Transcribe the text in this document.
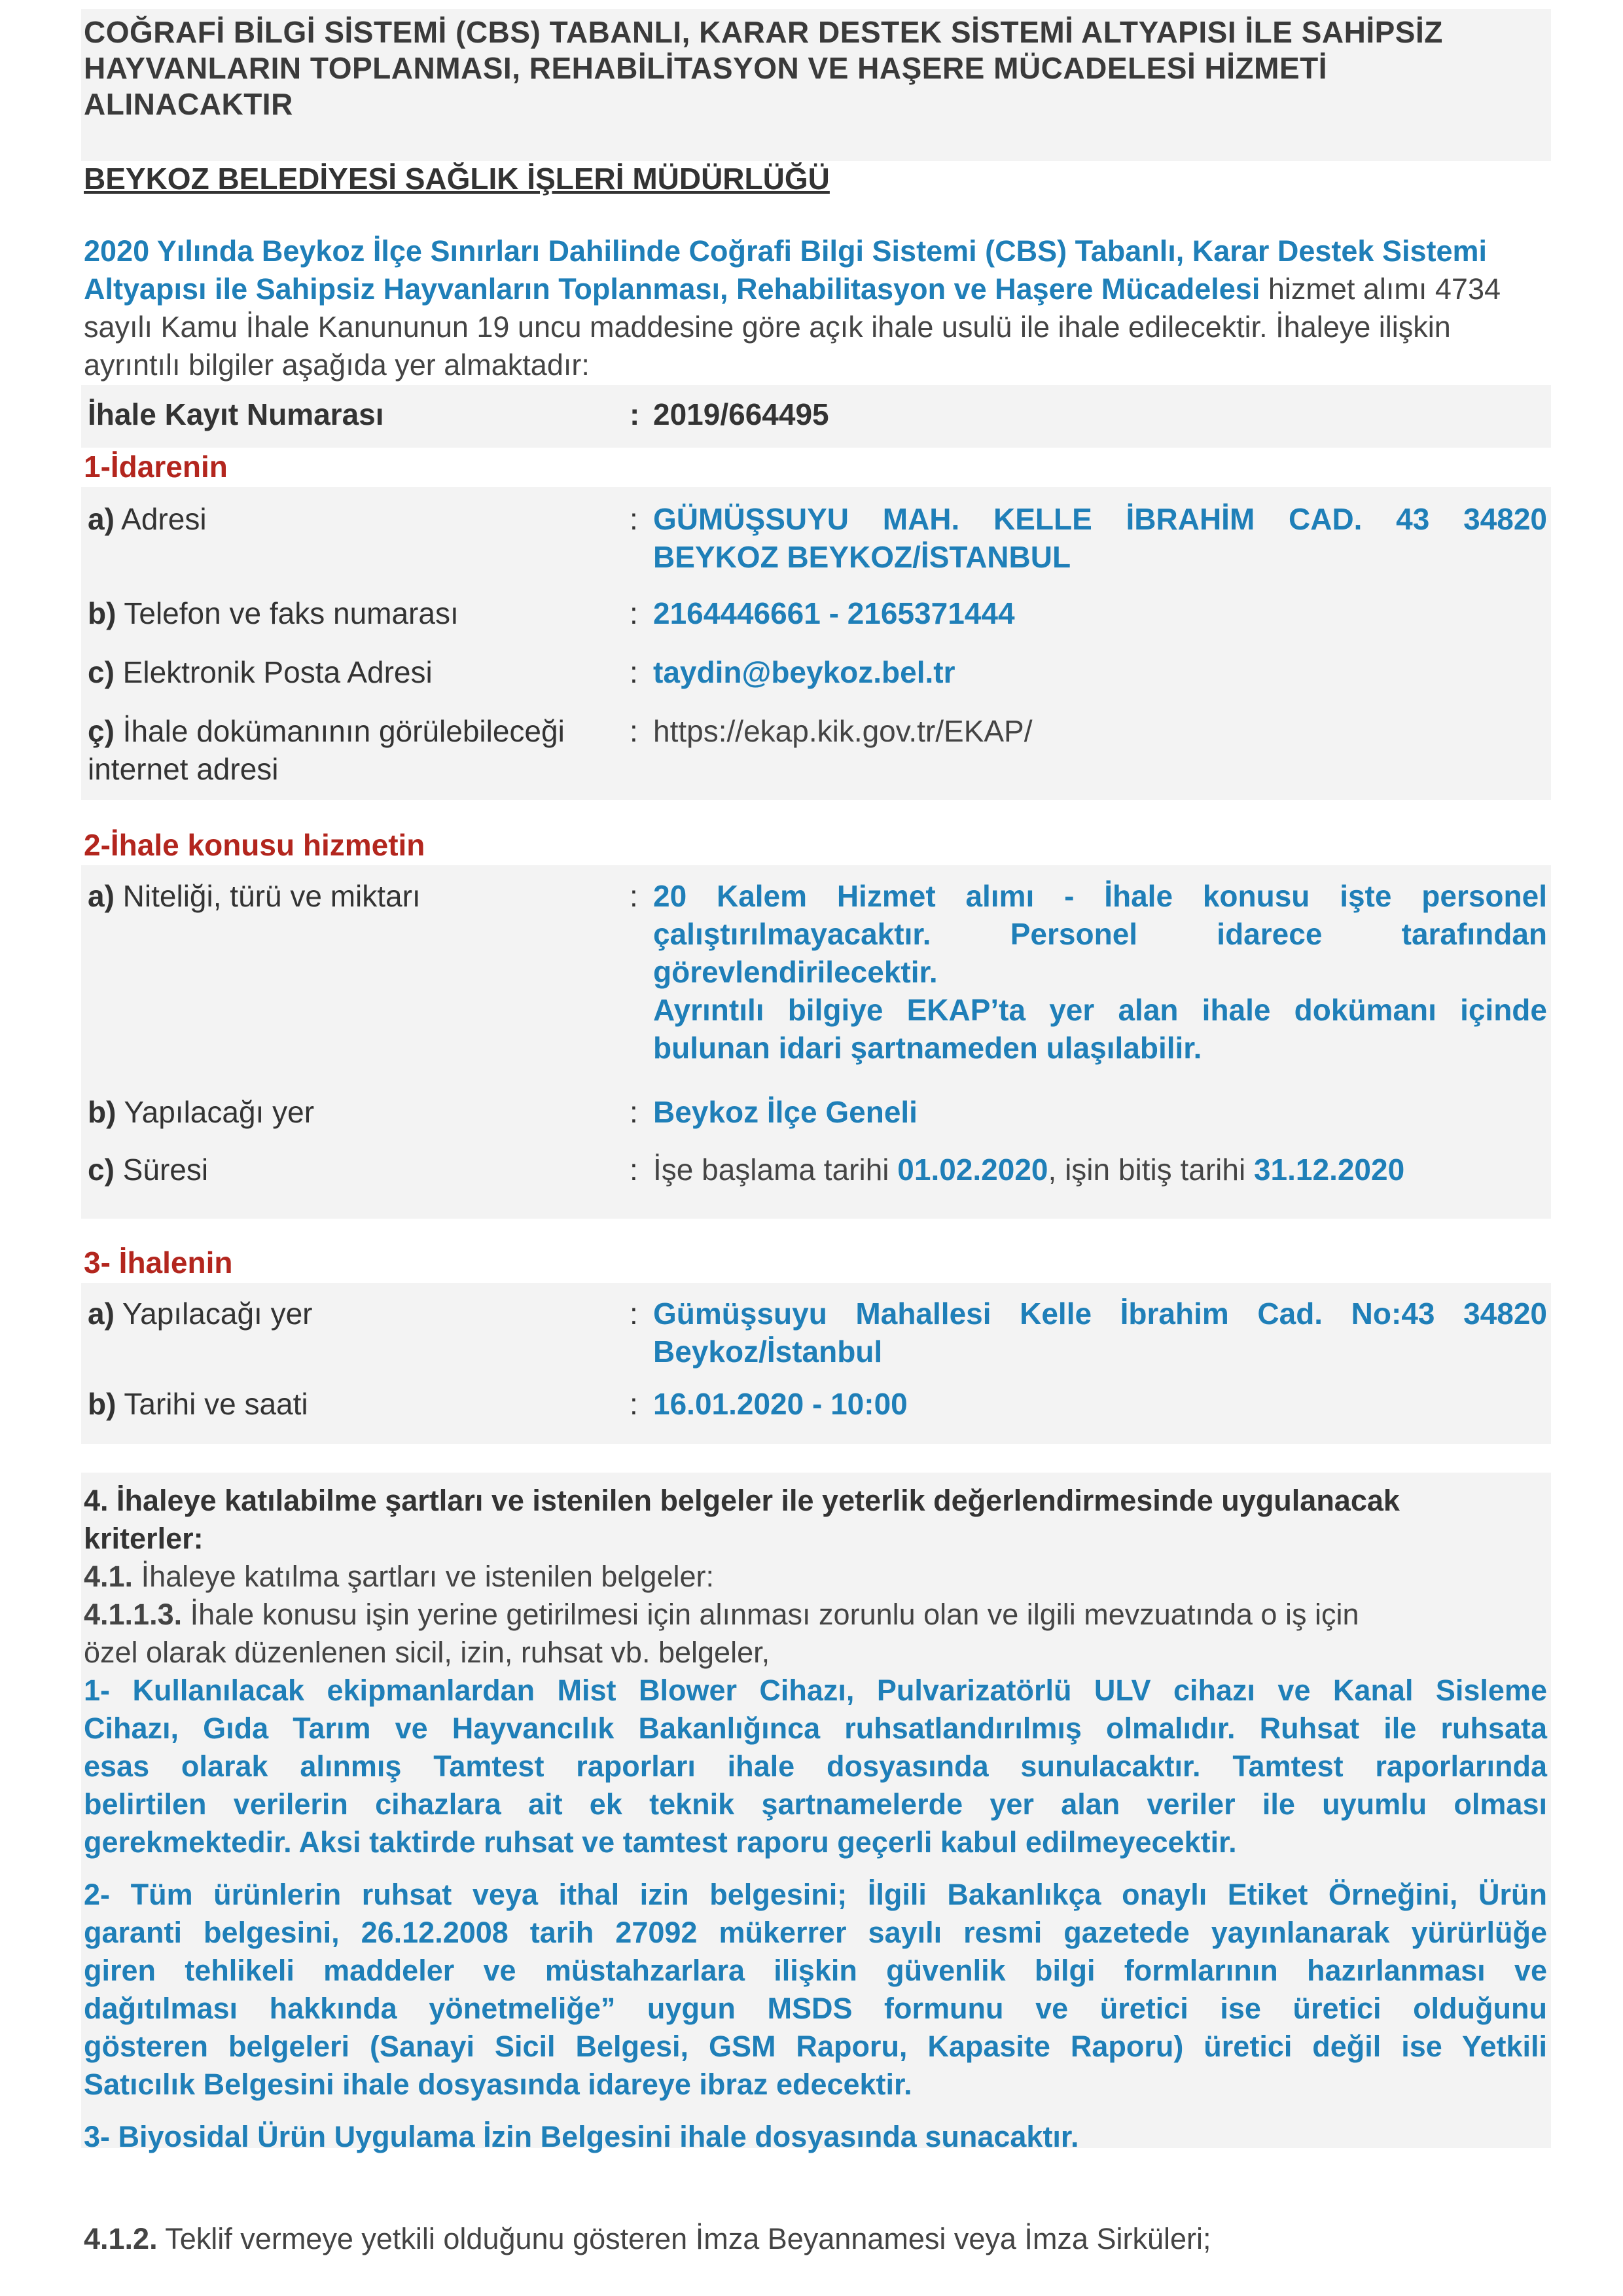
COĞRAFİ BİLGİ SİSTEMİ (CBS) TABANLI, KARAR DESTEK SİSTEMİ ALTYAPISI İLE SAHİPSİZ
HAYVANLARIN TOPLANMASI, REHABİLİTASYON VE HAŞERE MÜCADELESİ HİZMETİ
ALINACAKTIR
BEYKOZ BELEDİYESİ SAĞLIK İŞLERİ MÜDÜRLÜĞÜ
2020 Yılında Beykoz İlçe Sınırları Dahilinde Coğrafi Bilgi Sistemi (CBS) Tabanlı, Karar Destek Sistemi Altyapısı ile Sahipsiz Hayvanların Toplanması, Rehabilitasyon ve Haşere Mücadelesi hizmet alımı 4734 sayılı Kamu İhale Kanununun 19 uncu maddesine göre açık ihale usulü ile ihale edilecektir. İhaleye ilişkin ayrıntılı bilgiler aşağıda yer almaktadır:
İhale Kayıt Numarası	: 2019/664495
1-İdarenin
a) Adresi	: GÜMÜŞSUYU MAH. KELLE İBRAHİM CAD. 43 34820
BEYKOZ BEYKOZ/İSTANBUL
b) Telefon ve faks numarası	: 2164446661 - 2165371444
c) Elektronik Posta Adresi	: taydin@beykoz.bel.tr
ç) İhale dokümanının görülebileceği
internet adresi
: https://ekap.kik.gov.tr/EKAP/
2-İhale konusu hizmetin
a) Niteliği, türü ve miktarı	: 20 Kalem Hizmet alımı - İhale konusu işte personel
çalıştırılmayacaktır. Personel idarece tarafından
görevlendirilecektir.
Ayrıntılı bilgiye EKAP’ta yer alan ihale dokümanı içinde
bulunan idari şartnameden ulaşılabilir.
b) Yapılacağı yer	: Beykoz İlçe Geneli
c) Süresi	: İşe başlama tarihi 01.02.2020, işin bitiş tarihi 31.12.2020
3- İhalenin
a) Yapılacağı yer	: Gümüşsuyu Mahallesi Kelle İbrahim Cad. No:43 34820
Beykoz/İstanbul
b) Tarihi ve saati	: 16.01.2020 - 10:00
4. İhaleye katılabilme şartları ve istenilen belgeler ile yeterlik değerlendirmesinde uygulanacak
kriterler:
4.1. İhaleye katılma şartları ve istenilen belgeler:
4.1.1.3. İhale konusu işin yerine getirilmesi için alınması zorunlu olan ve ilgili mevzuatında o iş için
özel olarak düzenlenen sicil, izin, ruhsat vb. belgeler,
1- Kullanılacak ekipmanlardan Mist Blower Cihazı, Pulvarizatörlü ULV cihazı ve Kanal Sisleme
Cihazı, Gıda Tarım ve Hayvancılık Bakanlığınca ruhsatlandırılmış olmalıdır. Ruhsat ile ruhsata
esas olarak alınmış Tamtest raporları ihale dosyasında sunulacaktır. Tamtest raporlarında
belirtilen verilerin cihazlara ait ek teknik şartnamelerde yer alan veriler ile uyumlu olması
gerekmektedir. Aksi taktirde ruhsat ve tamtest raporu geçerli kabul edilmeyecektir.
2- Tüm ürünlerin ruhsat veya ithal izin belgesini; İlgili Bakanlıkça onaylı Etiket Örneğini, Ürün
garanti belgesini, 26.12.2008 tarih 27092 mükerrer sayılı resmi gazetede yayınlanarak yürürlüğe
giren tehlikeli maddeler ve müstahzarlara ilişkin güvenlik bilgi formlarının hazırlanması ve
dağıtılması hakkında yönetmeliğe” uygun MSDS formunu ve üretici ise üretici olduğunu
gösteren belgeleri (Sanayi Sicil Belgesi, GSM Raporu, Kapasite Raporu) üretici değil ise Yetkili
Satıcılık Belgesini ihale dosyasında idareye ibraz edecektir.
3- Biyosidal Ürün Uygulama İzin Belgesini ihale dosyasında sunacaktır.
4.1.2. Teklif vermeye yetkili olduğunu gösteren İmza Beyannamesi veya İmza Sirküleri;
